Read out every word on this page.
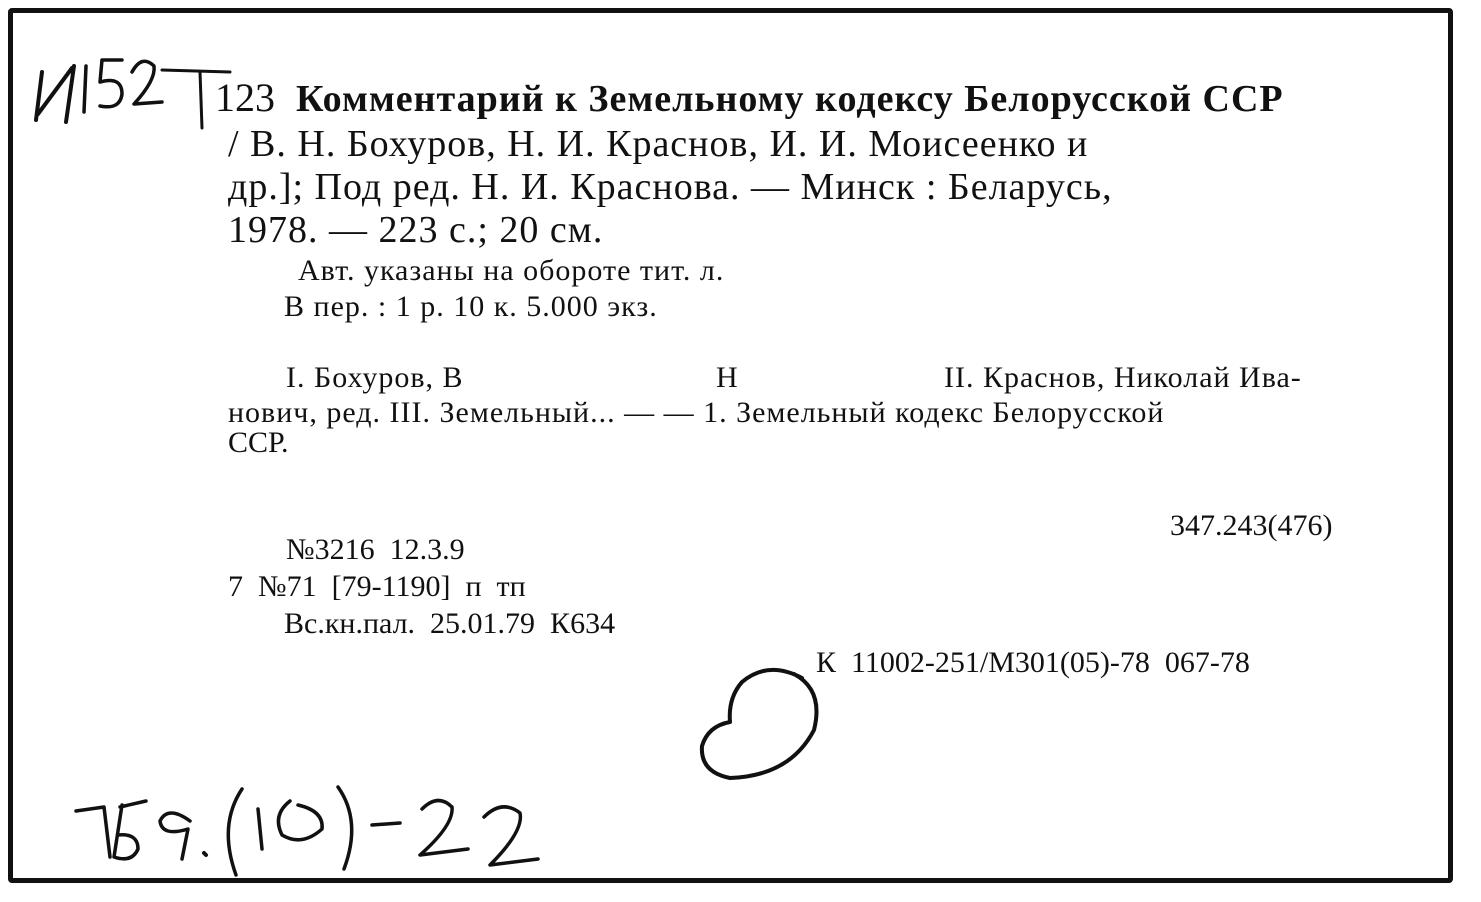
123 Комментарий к Земельному кодексу Белорусской ССР
/ В. Н. Бохуров, Н. И. Краснов, И. И. Моисеенко и
др.]; Под ред. Н. И. Краснова. — Минск : Беларусь,
1978. — 223 с.; 20 см.
Авт. указаны на обороте тит. л.
В пер. : 1 р. 10 к. 5.000 экз.
I. Бохуров, В	Н	II. Краснов, Николай Ива-
нович, ред. III. Земельный... — — 1. Земельный кодекс Белорусской
ССР.
347.243(476)
№3216  12.3.9
7  №71  [79-1190]  п  тп
Вс.кн.пал.  25.01.79  К634
К  11002-251/М301(05)-78  067-78
